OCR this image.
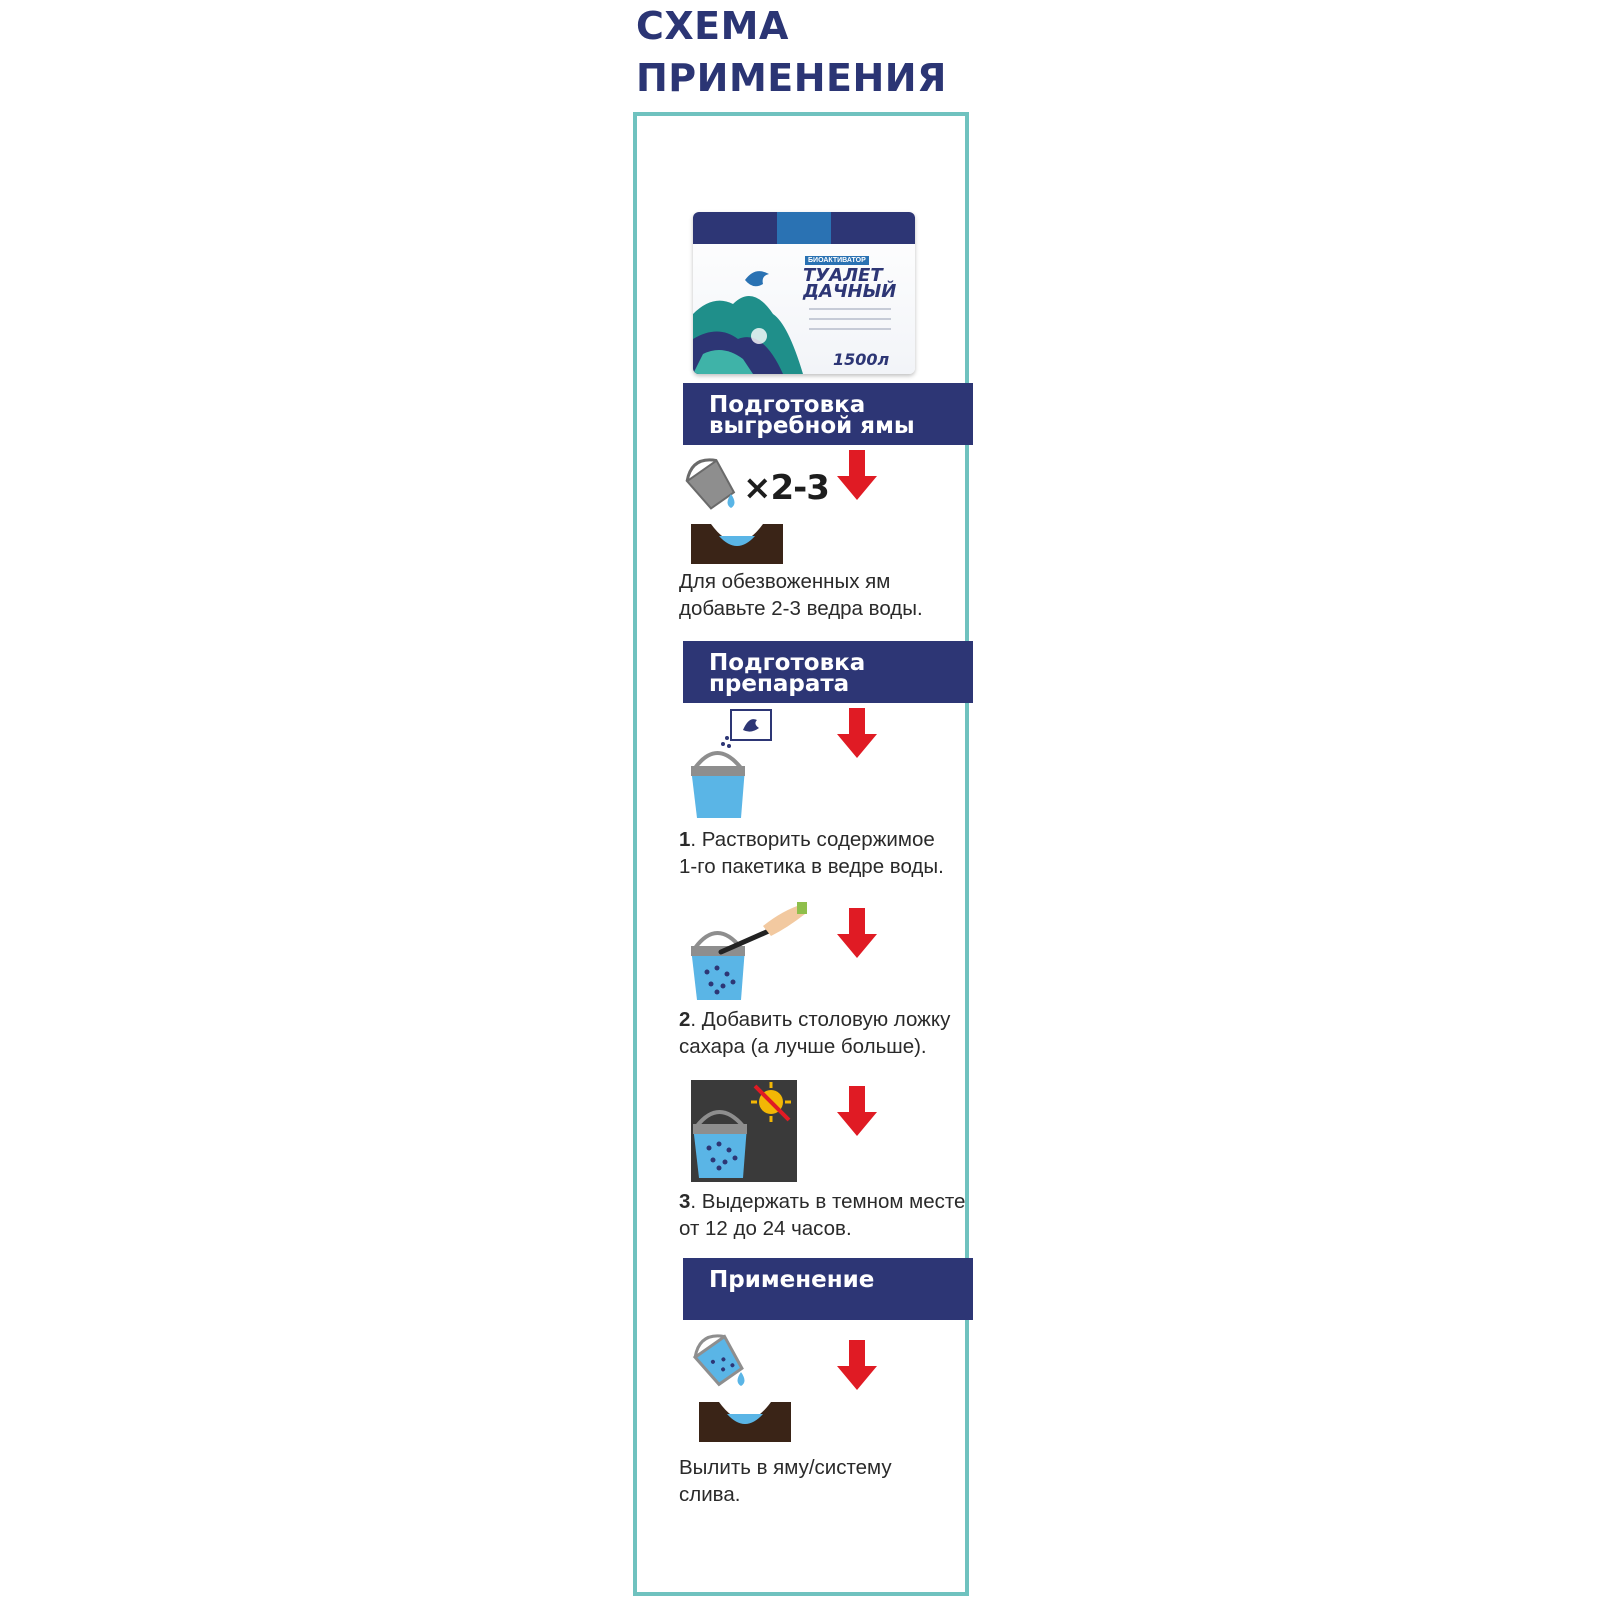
СХЕМА
ПРИМЕНЕНИЯ
БИОАКТИВАТОР
ТУАЛЕТ
ДАЧНЫЙ
1500л
Подготовка
выгребной ямы
×2-3
Для обезвоженных ям
добавьте 2-3 ведра воды.
Подготовка
препарата
1. Растворить содержимое
1-го пакетика в ведре воды.
2. Добавить столовую ложку
сахара (а лучше больше).
3. Выдержать в темном месте
от 12 до 24 часов.
Применение
Вылить в яму/систему
слива.
